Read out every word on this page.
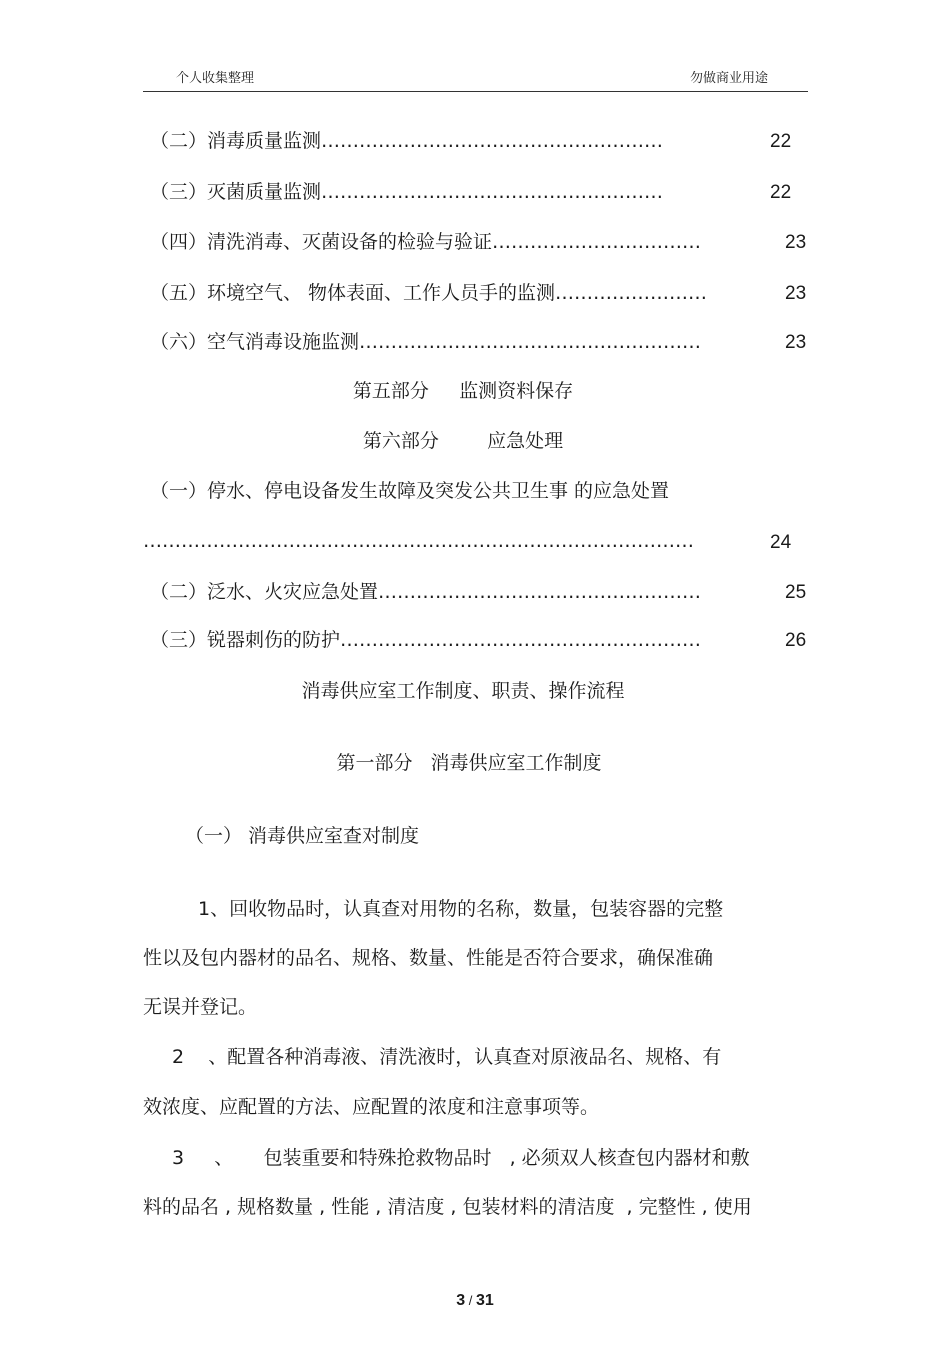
个人收集整理	勿做商业用途
（二）消毒质量监测………………………………………………	22
（三）灭菌质量监测………………………………………………	22
（四）清洗消毒、灭菌设备的检验与验证……………………………	23
（五）环境空气、 物体表面、工作人员手的监测……………………	23
（六）空气消毒设施监测………………………………………………	23
第五部分     监测资料保存
第六部分        应急处理
（一）停水、停电设备发生故障及突发公共卫生事 的应急处置
……………………………………………………………………………	24
（二）泛水、火灾应急处置……………………………………………	25
（三）锐器刺伤的防护…………………………………………………	26
消毒供应室工作制度、职责、操作流程
第一部分   消毒供应室工作制度
（一） 消毒供应室查对制度
1、回收物品时，认真查对用物的名称，数量，包装容器的完整
性以及包内器材的品名、规格、数量、性能是否符合要求，确保准确
无误并登记。
2    、配置各种消毒液、清洗液时，认真查对原液品名、规格、有
效浓度、应配置的方法、应配置的浓度和注意事项等。
3     、     包装重要和特殊抢救物品时   , 必须双人核查包内器材和敷
料的品名 , 规格数量 , 性能 , 清洁度 , 包装材料的清洁度  , 完整性 , 使用
3 / 31
